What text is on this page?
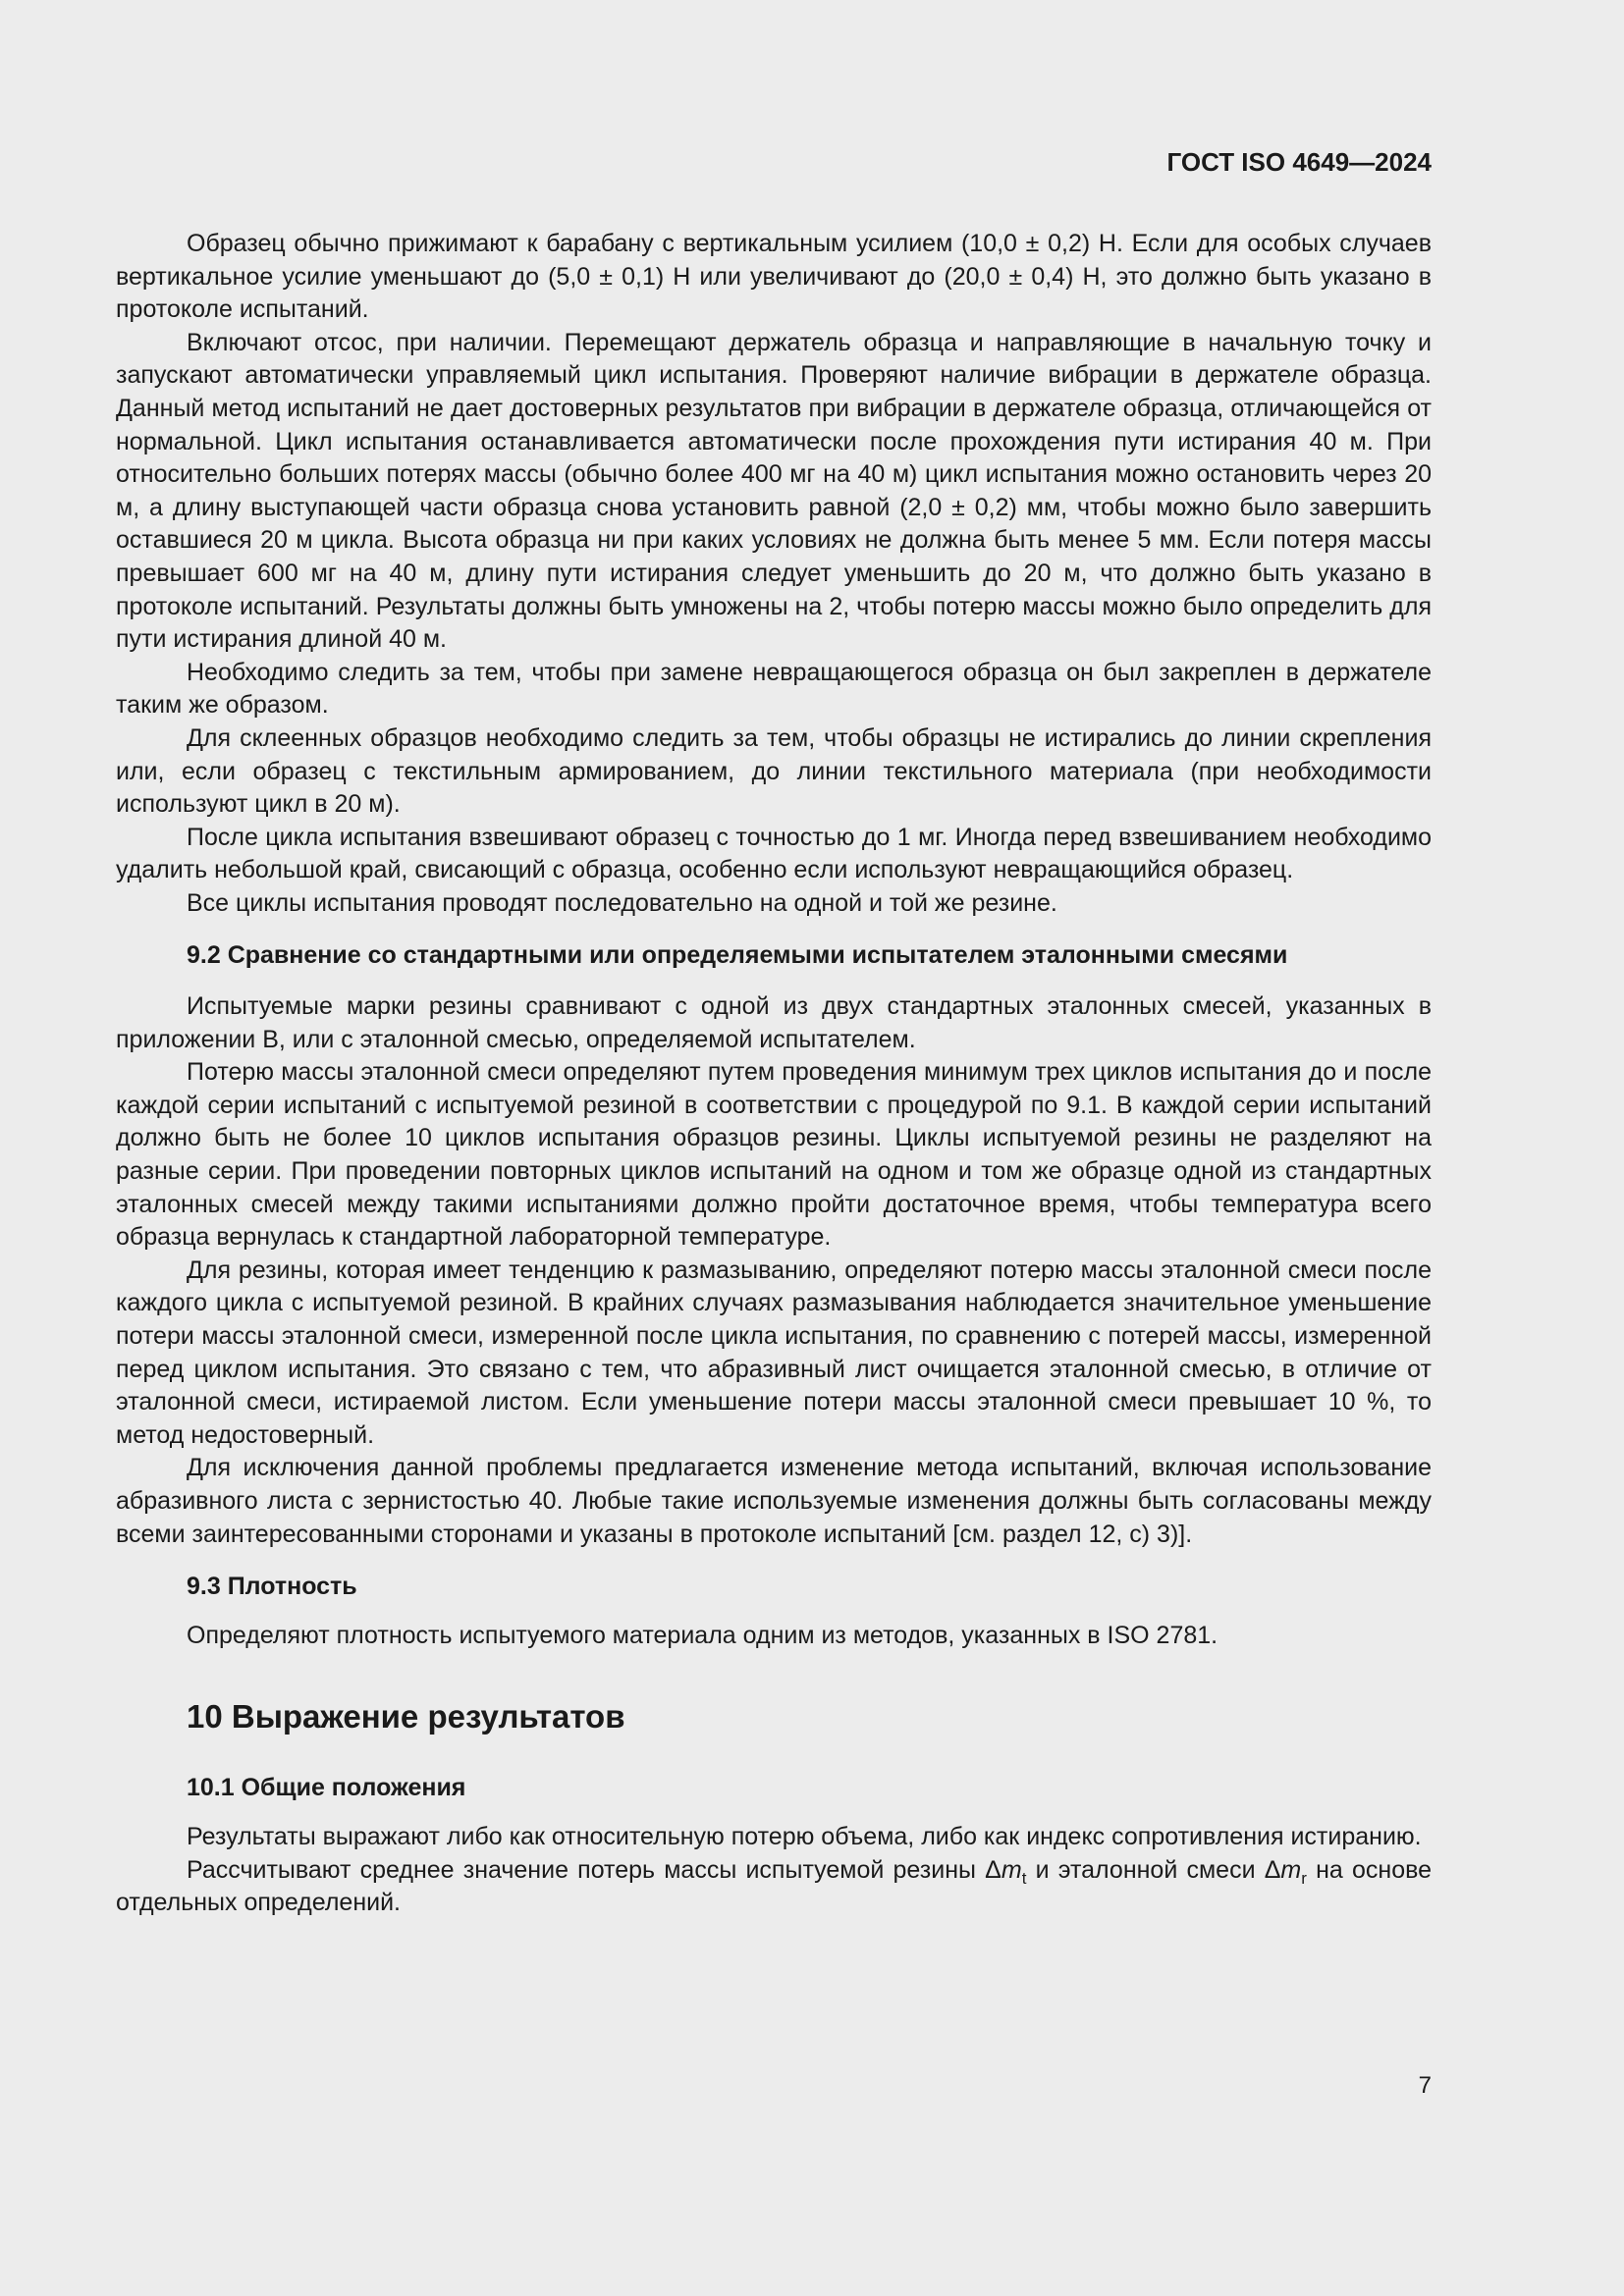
ГОСТ ISO 4649—2024

Образец обычно прижимают к барабану с вертикальным усилием (10,0 ± 0,2) Н. Если для особых случаев вертикальное усилие уменьшают до (5,0 ± 0,1) Н или увеличивают до (20,0 ± 0,4) Н, это должно быть указано в протоколе испытаний.

Включают отсос, при наличии. Перемещают держатель образца и направляющие в начальную точку и запускают автоматически управляемый цикл испытания. Проверяют наличие вибрации в держателе образца. Данный метод испытаний не дает достоверных результатов при вибрации в держателе образца, отличающейся от нормальной. Цикл испытания останавливается автоматически после прохождения пути истирания 40 м. При относительно больших потерях массы (обычно более 400 мг на 40 м) цикл испытания можно остановить через 20 м, а длину выступающей части образца снова установить равной (2,0 ± 0,2) мм, чтобы можно было завершить оставшиеся 20 м цикла. Высота образца ни при каких условиях не должна быть менее 5 мм. Если потеря массы превышает 600 мг на 40 м, длину пути истирания следует уменьшить до 20 м, что должно быть указано в протоколе испытаний. Результаты должны быть умножены на 2, чтобы потерю массы можно было определить для пути истирания длиной 40 м.

Необходимо следить за тем, чтобы при замене невращающегося образца он был закреплен в держателе таким же образом.

Для склеенных образцов необходимо следить за тем, чтобы образцы не истирались до линии скрепления или, если образец с текстильным армированием, до линии текстильного материала (при необходимости используют цикл в 20 м).

После цикла испытания взвешивают образец с точностью до 1 мг. Иногда перед взвешиванием необходимо удалить небольшой край, свисающий с образца, особенно если используют невращающийся образец.

Все циклы испытания проводят последовательно на одной и той же резине.

9.2 Сравнение со стандартными или определяемыми испытателем эталонными смесями

Испытуемые марки резины сравнивают с одной из двух стандартных эталонных смесей, указанных в приложении В, или с эталонной смесью, определяемой испытателем.

Потерю массы эталонной смеси определяют путем проведения минимум трех циклов испытания до и после каждой серии испытаний с испытуемой резиной в соответствии с процедурой по 9.1. В каждой серии испытаний должно быть не более 10 циклов испытания образцов резины. Циклы испытуемой резины не разделяют на разные серии. При проведении повторных циклов испытаний на одном и том же образце одной из стандартных эталонных смесей между такими испытаниями должно пройти достаточное время, чтобы температура всего образца вернулась к стандартной лабораторной температуре.

Для резины, которая имеет тенденцию к размазыванию, определяют потерю массы эталонной смеси после каждого цикла с испытуемой резиной. В крайних случаях размазывания наблюдается значительное уменьшение потери массы эталонной смеси, измеренной после цикла испытания, по сравнению с потерей массы, измеренной перед циклом испытания. Это связано с тем, что абразивный лист очищается эталонной смесью, в отличие от эталонной смеси, истираемой листом. Если уменьшение потери массы эталонной смеси превышает 10 %, то метод недостоверный.

Для исключения данной проблемы предлагается изменение метода испытаний, включая использование абразивного листа с зернистостью 40. Любые такие используемые изменения должны быть согласованы между всеми заинтересованными сторонами и указаны в протоколе испытаний [см. раздел 12, с) 3)].

9.3 Плотность

Определяют плотность испытуемого материала одним из методов, указанных в ISO 2781.

10 Выражение результатов
10.1 Общие положения

Результаты выражают либо как относительную потерю объема, либо как индекс сопротивления истиранию.

Рассчитывают среднее значение потерь массы испытуемой резины $\Delta m_t$ и эталонной смеси $\Delta m_r$ на основе отдельных определений.

7
